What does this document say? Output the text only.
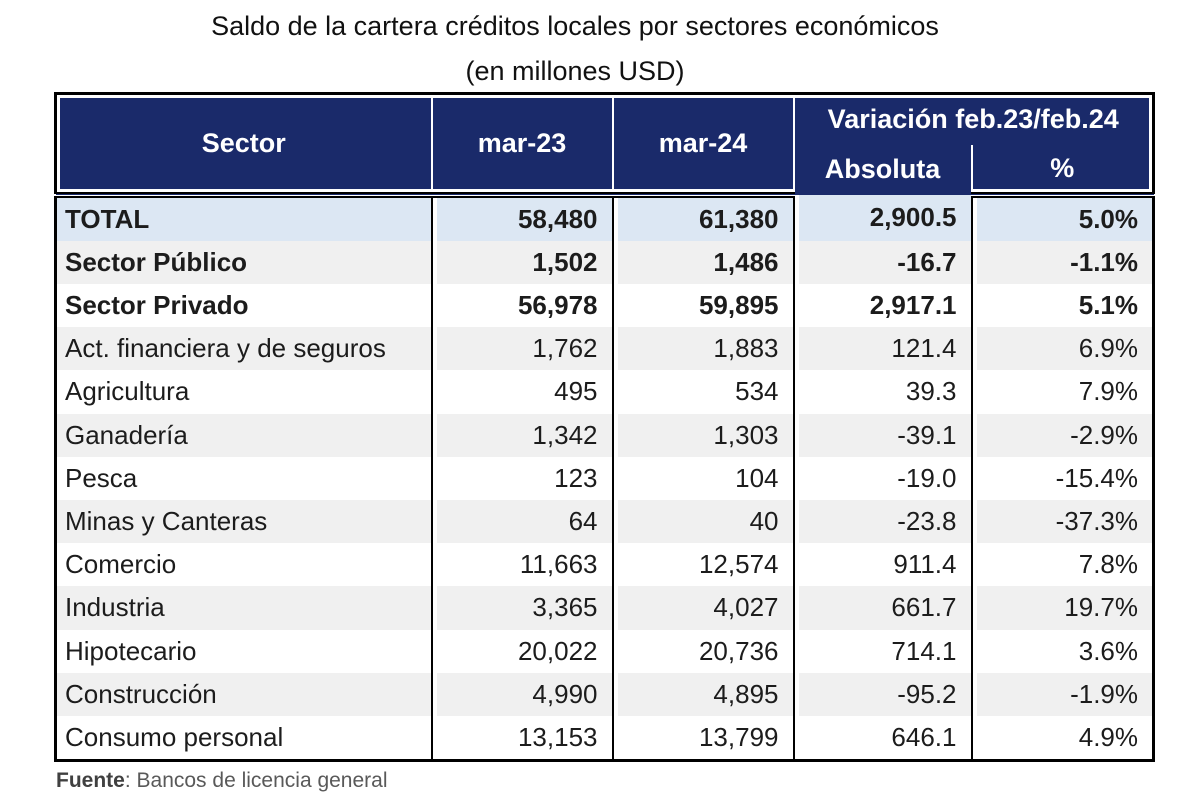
Saldo de la cartera créditos locales por sectores económicos
(en millones USD)
Sector	mar-23	mar-24	Variación feb.23/feb.24	
			Absoluta	%
TOTAL	58,480	61,380	2,900.5	5.0%
Sector Público	1,502	1,486	-16.7	-1.1%
Sector Privado	56,978	59,895	2,917.1	5.1%
Act. financiera y de seguros	1,762	1,883	121.4	6.9%
Agricultura	495	534	39.3	7.9%
Ganadería	1,342	1,303	-39.1	-2.9%
Pesca	123	104	-19.0	-15.4%
Minas y Canteras	64	40	-23.8	-37.3%
Comercio	11,663	12,574	911.4	7.8%
Industria	3,365	4,027	661.7	19.7%
Hipotecario	20,022	20,736	714.1	3.6%
Construcción	4,990	4,895	-95.2	-1.9%
Consumo personal	13,153	13,799	646.1	4.9%
Fuente: Bancos de licencia general
